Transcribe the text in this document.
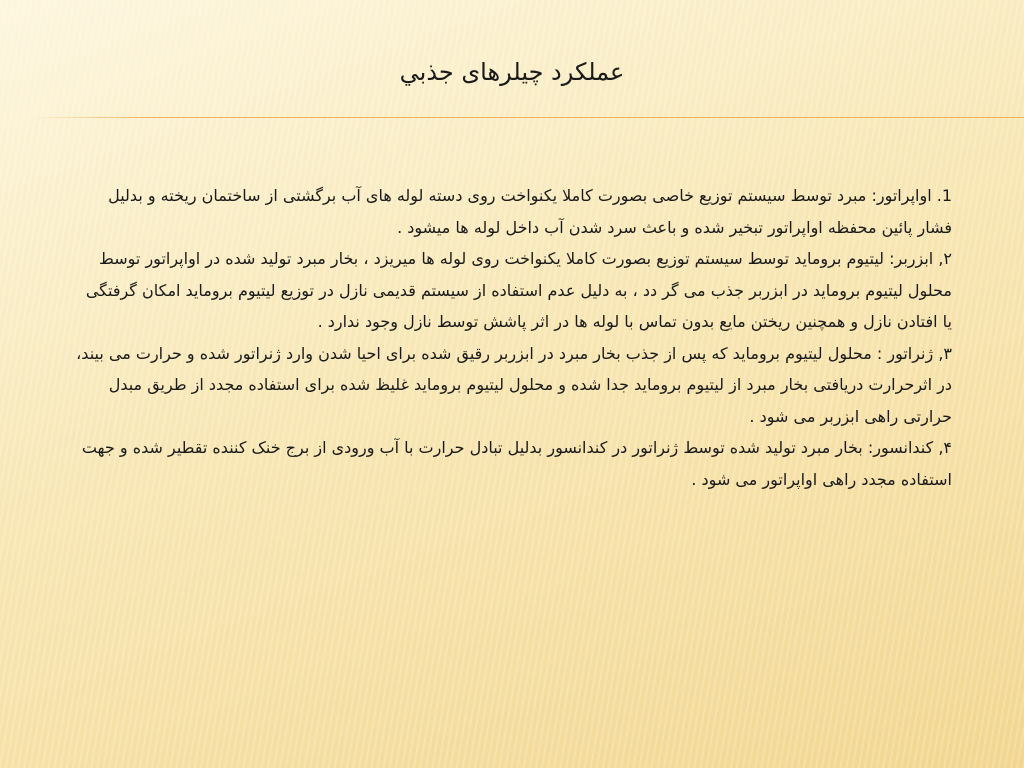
عملکرد چیلرهای جذبي

1. اواپراتور: مبرد توسط سیستم توزیع خاصی بصورت کاملا یکنواخت روی دسته لوله های آب برگشتی از ساختمان ریخته و بدلیل فشار پائین محفظه اواپراتور تبخیر شده و باعث سرد شدن آب داخل لوله ها میشود .

۲, ابزربر: لیتیوم بروماید توسط سیستم توزیع بصورت کاملا یکنواخت روی لوله ها میریزد ، بخار مبرد تولید شده در اواپراتور توسط محلول لیتیوم بروماید در ابزربر جذب می گر دد ، به دلیل عدم استفاده از سیستم قدیمی نازل در توزیع لیتیوم بروماید امکان گرفتگی یا افتادن نازل و همچنین ریختن مایع بدون تماس با لوله ها در اثر پاشش توسط نازل وجود ندارد .

۳, ژنراتور : محلول لیتیوم بروماید که پس از جذب بخار مبرد در ابزربر رقیق شده برای احیا شدن وارد ژنراتور شده و حرارت می بیند، در اثرحرارت دریافتی بخار مبرد از لیتیوم بروماید جدا شده و محلول لیتیوم بروماید غلیظ شده برای استفاده مجدد از طریق مبدل حرارتی راهی ابزربر می شود .

۴, کندانسور: بخار مبرد تولید شده توسط ژنراتور در کندانسور بدلیل تبادل حرارت با آب ورودی از برج خنک کننده تقطیر شده و جهت استفاده مجدد راهی اواپراتور می شود .
